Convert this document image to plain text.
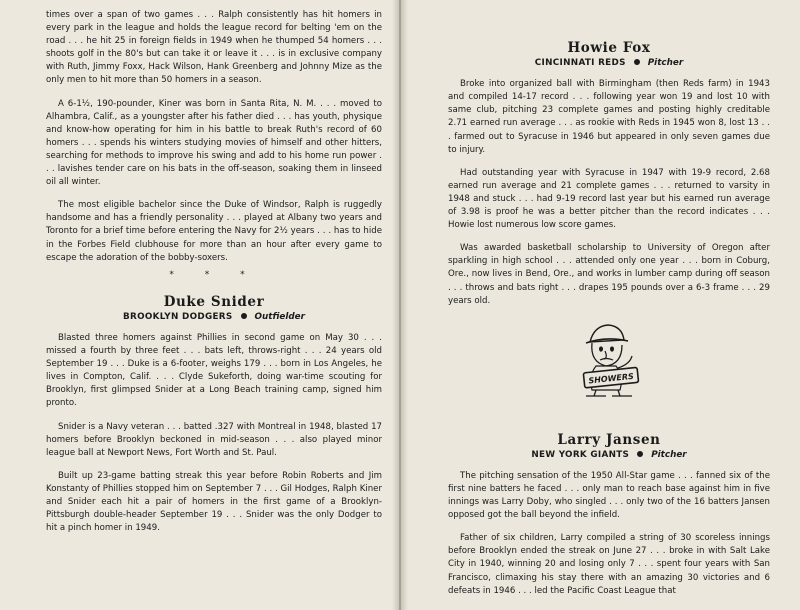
times over a span of two games . . . Ralph consistently has hit homers in every park in the league and holds the league record for belting 'em on the road . . . he hit 25 in foreign fields in 1949 when he thumped 54 homers . . . shoots golf in the 80's but can take it or leave it . . . is in exclusive company with Ruth, Jimmy Foxx, Hack Wilson, Hank Greenberg and Johnny Mize as the only men to hit more than 50 homers in a season.

A 6-1½, 190-pounder, Kiner was born in Santa Rita, N. M. . . . moved to Alhambra, Calif., as a youngster after his father died . . . has youth, physique and know-how operating for him in his battle to break Ruth's record of 60 homers . . . spends his winters studying movies of himself and other hitters, searching for methods to improve his swing and add to his home run power . . . lavishes tender care on his bats in the off-season, soaking them in linseed oil all winter.

The most eligible bachelor since the Duke of Windsor, Ralph is ruggedly handsome and has a friendly personality . . . played at Albany two years and Toronto for a brief time before entering the Navy for 2½ years . . . has to hide in the Forbes Field clubhouse for more than an hour after every game to escape the adoration of the bobby-soxers.

* * *
Duke Snider
BROOKLYN DODGERS	Outfielder

Blasted three homers against Phillies in second game on May 30 . . . missed a fourth by three feet . . . bats left, throws-right . . . 24 years old September 19 . . . Duke is a 6-footer, weighs 179 . . . born in Los Angeles, he lives in Compton, Calif. . . . Clyde Sukeforth, doing war-time scouting for Brooklyn, first glimpsed Snider at a Long Beach training camp, signed him pronto.

Snider is a Navy veteran . . . batted .327 with Montreal in 1948, blasted 17 homers before Brooklyn beckoned in mid-season . . . also played minor league ball at Newport News, Fort Worth and St. Paul.

Built up 23-game batting streak this year before Robin Roberts and Jim Konstanty of Phillies stopped him on September 7 . . . Gil Hodges, Ralph Kiner and Snider each hit a pair of homers in the first game of a Brooklyn-Pittsburgh double-header September 19 . . . Snider was the only Dodger to hit a pinch homer in 1949.

Howie Fox
CINCINNATI REDS	Pitcher

Broke into organized ball with Birmingham (then Reds farm) in 1943 and compiled 14-17 record . . . following year won 19 and lost 10 with same club, pitching 23 complete games and posting highly creditable 2.71 earned run average . . . as rookie with Reds in 1945 won 8, lost 13 . . . farmed out to Syracuse in 1946 but appeared in only seven games due to injury.

Had outstanding year with Syracuse in 1947 with 19-9 record, 2.68 earned run average and 21 complete games . . . returned to varsity in 1948 and stuck . . . had 9-19 record last year but his earned run average of 3.98 is proof he was a better pitcher than the record indicates . . . Howie lost numerous low score games.

Was awarded basketball scholarship to University of Oregon after sparkling in high school . . . attended only one year . . . born in Coburg, Ore., now lives in Bend, Ore., and works in lumber camp during off season . . . throws and bats right . . . drapes 195 pounds over a 6-3 frame . . . 29 years old.

SHOWERS
Larry Jansen
NEW YORK GIANTS	Pitcher

The pitching sensation of the 1950 All-Star game . . . fanned six of the first nine batters he faced . . . only man to reach base against him in five innings was Larry Doby, who singled . . . only two of the 16 batters Jansen opposed got the ball beyond the infield.

Father of six children, Larry compiled a string of 30 scoreless innings before Brooklyn ended the streak on June 27 . . . broke in with Salt Lake City in 1940, winning 20 and losing only 7 . . . spent four years with San Francisco, climaxing his stay there with an amazing 30 victories and 6 defeats in 1946 . . . led the Pacific Coast League that
